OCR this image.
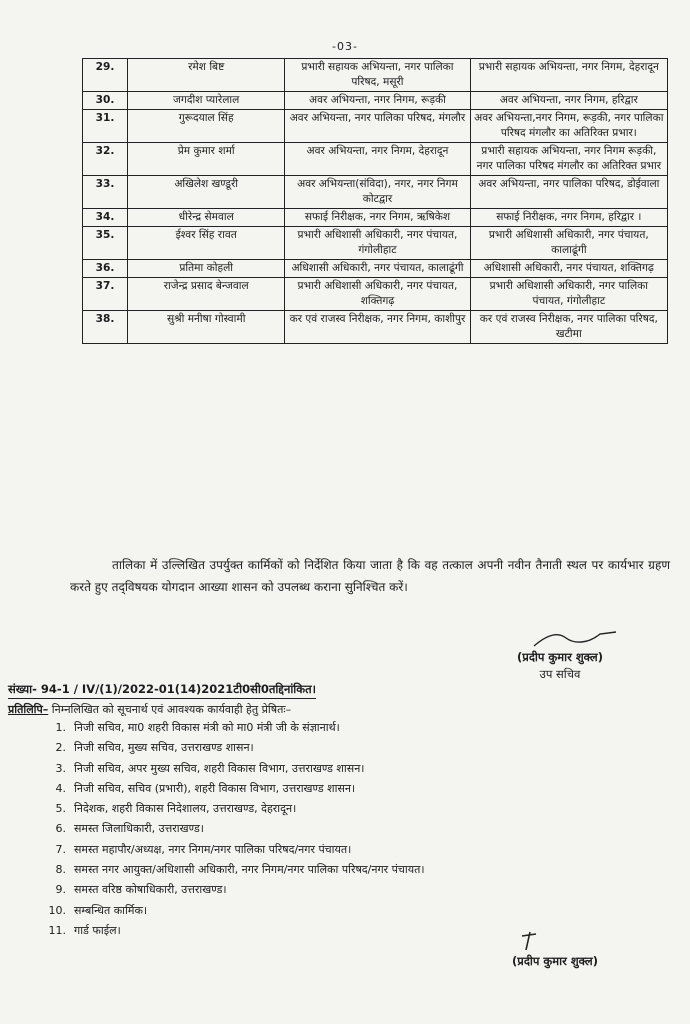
-03-
29.	रमेश बिष्ट	प्रभारी सहायक अभियन्ता, नगर पालिका परिषद, मसूरी	प्रभारी सहायक अभियन्ता, नगर निगम, देहरादून
30.	जगदीश प्यारेलाल	अवर अभियन्ता, नगर निगम, रूड़की	अवर अभियन्ता, नगर निगम, हरिद्वार
31.	गुरूदयाल सिंह	अवर अभियन्ता, नगर पालिका परिषद, मंगलौर	अवर अभियन्ता,नगर निगम, रूड़की, नगर पालिका परिषद मंगलौर का अतिरिक्त प्रभार।
32.	प्रेम कुमार शर्मा	अवर अभियन्ता, नगर निगम, देहरादून	प्रभारी सहायक अभियन्ता, नगर निगम रूड़की, नगर पालिका परिषद मंगलौर का अतिरिक्त प्रभार
33.	अखिलेश खण्डूरी	अवर अभियन्ता(संविदा), नगर, नगर निगम कोटद्वार	अवर अभियन्ता, नगर पालिका परिषद, डोईवाला
34.	धीरेन्द्र सेमवाल	सफाई निरीक्षक, नगर निगम, ऋषिकेश	सफाई निरीक्षक, नगर निगम, हरिद्वार ।
35.	ईश्वर सिंह रावत	प्रभारी अधिशासी अधिकारी, नगर पंचायत, गंगोलीहाट	प्रभारी अधिशासी अधिकारी, नगर पंचायत, कालाढूंगी
36.	प्रतिमा कोहली	अधिशासी अधिकारी, नगर पंचायत, कालाढूंगी	अधिशासी अधिकारी, नगर पंचायत, शक्तिगढ़
37.	राजेन्द्र प्रसाद बेन्जवाल	प्रभारी अधिशासी अधिकारी, नगर पंचायत, शक्तिगढ़	प्रभारी अधिशासी अधिकारी, नगर पालिका पंचायत, गंगोलीहाट
38.	सुश्री मनीषा गोस्वामी	कर एवं राजस्व निरीक्षक, नगर निगम, काशीपुर	कर एवं राजस्व निरीक्षक, नगर पालिका परिषद, खटीमा
तालिका में उल्लिखित उपर्युक्त कार्मिकों को निर्देशित किया जाता है कि वह तत्काल अपनी नवीन तैनाती स्थल पर कार्यभार ग्रहण करते हुए तद्‌विषयक योगदान आख्या शासन को उपलब्ध कराना सुनिश्चित करें।
(प्रदीप कुमार शुक्ल)
उप सचिव
संख्या- 94-1 / IV/(1)/2022-01(14)2021टी0सी0तद्दिनांकित।
प्रतिलिपि– निम्नलिखित को सूचनार्थ एवं आवश्यक कार्यवाही हेतु प्रेषितः–
1. निजी सचिव, मा0 शहरी विकास मंत्री को मा0 मंत्री जी के संज्ञानार्थ।
2. निजी सचिव, मुख्य सचिव, उत्तराखण्ड शासन।
3. निजी सचिव, अपर मुख्य सचिव, शहरी विकास विभाग, उत्तराखण्ड शासन।
4. निजी सचिव, सचिव (प्रभारी), शहरी विकास विभाग, उत्तराखण्ड शासन।
5. निदेशक, शहरी विकास निदेशालय, उत्तराखण्ड, देहरादून।
6. समस्त जिलाधिकारी, उत्तराखण्ड।
7. समस्त महापौर/अध्यक्ष, नगर निगम/नगर पालिका परिषद/नगर पंचायत।
8. समस्त नगर आयुक्त/अधिशासी अधिकारी, नगर निगम/नगर पालिका परिषद/नगर पंचायत।
9. समस्त वरिष्ठ कोषाधिकारी, उत्तराखण्ड।
10. सम्बन्धित कार्मिक।
11. गार्ड फाईल।
(प्रदीप कुमार शुक्ल)
